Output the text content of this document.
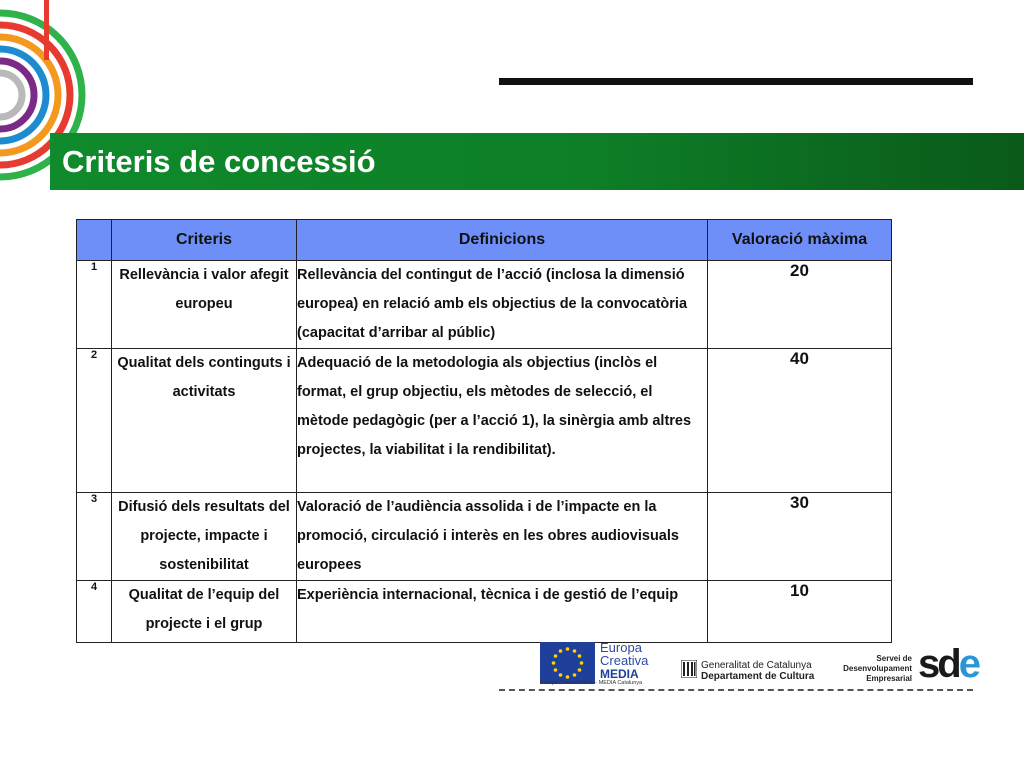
Criteris de concessió
	Criteris	Definicions	Valoració màxima
1	Rellevància i valor afegit europeu	Rellevància del contingut de l’acció (inclosa la dimensió europea) en relació amb els objectius de la convocatòria (capacitat d’arribar al públic)	20
2	Qualitat dels continguts i activitats	Adequació de la metodologia als objectius (inclòs el format, el grup objectiu, els mètodes de selecció, el mètode pedagògic (per a l’acció 1), la sinèrgia amb altres projectes, la viabilitat i la rendibilitat).	40
3	Difusió dels resultats del projecte, impacte i sostenibilitat	Valoració de l’audiència assolida i de l’impacte en la promoció, circulació i interès en les obres audiovisuals europees	30
4	Qualitat de l’equip del projecte i el grup	Experiència internacional, tècnica i de gestió de l’equip	10
Europa
Creativa
MEDIA
Europa Creativa Desk - MEDIA Catalunya
Generalitat de Catalunya
Departament de Cultura
Servei de
Desenvolupament
Empresarial sde
